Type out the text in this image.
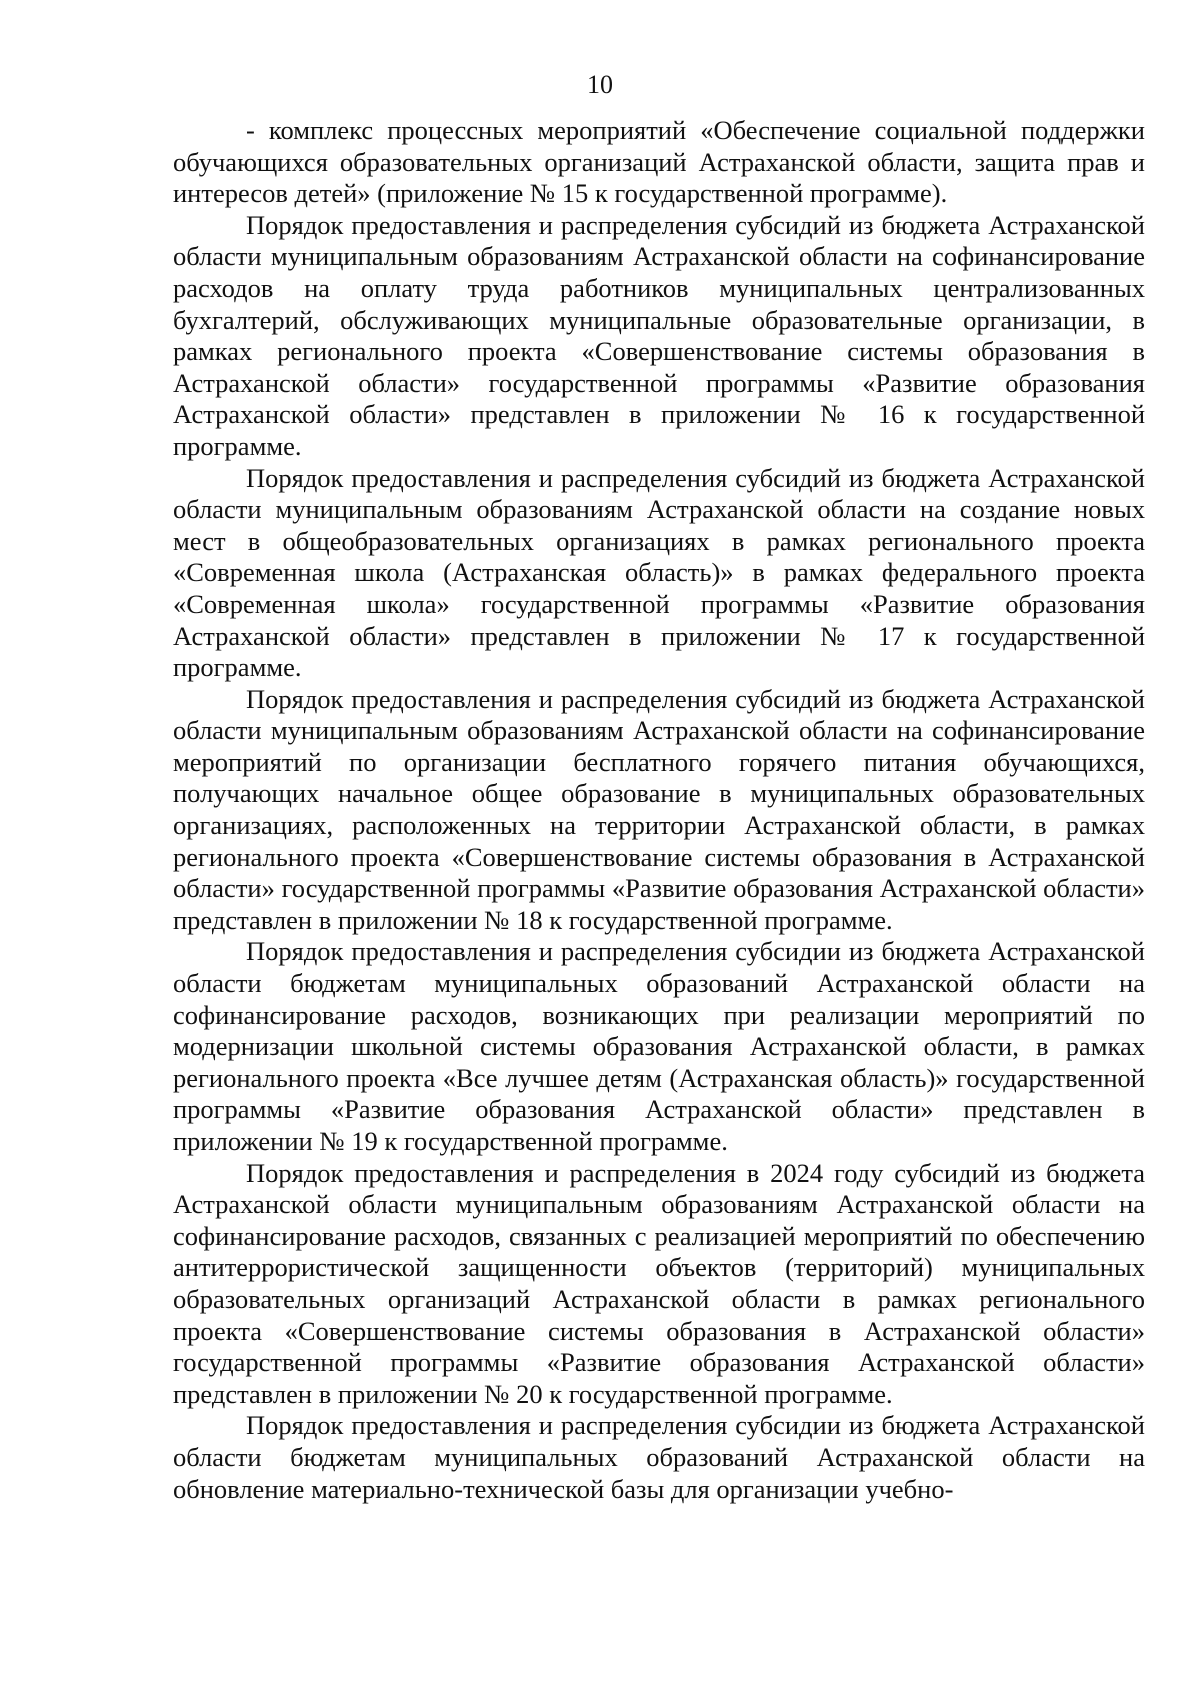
10

- комплекс процессных мероприятий «Обеспечение социальной поддержки обучающихся образовательных организаций Астраханской области, защита прав и интересов детей» (приложение № 15 к государственной программе).

Порядок предоставления и распределения субсидий из бюджета Астраханской области муниципальным образованиям Астраханской области на софинансирование расходов на оплату труда работников муниципальных централизованных бухгалтерий, обслуживающих муниципальные образовательные организации, в рамках регионального проекта «Совершенствование системы образования в Астраханской области» государственной программы «Развитие образования Астраханской области» представлен в приложении № 16 к государственной программе.

Порядок предоставления и распределения субсидий из бюджета Астраханской области муниципальным образованиям Астраханской области на создание новых мест в общеобразовательных организациях в рамках регионального проекта «Современная школа (Астраханская область)» в рамках федерального проекта «Современная школа» государственной программы «Развитие образования Астраханской области» представлен в приложении № 17 к государственной программе.

Порядок предоставления и распределения субсидий из бюджета Астраханской области муниципальным образованиям Астраханской области на софинансирование мероприятий по организации бесплатного горячего питания обучающихся, получающих начальное общее образование в муниципальных образовательных организациях, расположенных на территории Астраханской области, в рамках регионального проекта «Совершенствование системы образования в Астраханской области» государственной программы «Развитие образования Астраханской области» представлен в приложении № 18 к государственной программе.

Порядок предоставления и распределения субсидии из бюджета Астраханской области бюджетам муниципальных образований Астраханской области на софинансирование расходов, возникающих при реализации мероприятий по модернизации школьной системы образования Астраханской области, в рамках регионального проекта «Все лучшее детям (Астраханская область)» государственной программы «Развитие образования Астраханской области» представлен в приложении № 19 к государственной программе.

Порядок предоставления и распределения в 2024 году субсидий из бюджета Астраханской области муниципальным образованиям Астраханской области на софинансирование расходов, связанных с реализацией мероприятий по обеспечению антитеррористической защищенности объектов (территорий) муниципальных образовательных организаций Астраханской области в рамках регионального проекта «Совершенствование системы образования в Астраханской области» государственной программы «Развитие образования Астраханской области» представлен в приложении № 20 к государственной программе.

Порядок предоставления и распределения субсидии из бюджета Астраханской области бюджетам муниципальных образований Астраханской области на обновление материально-технической базы для организации учебно-
